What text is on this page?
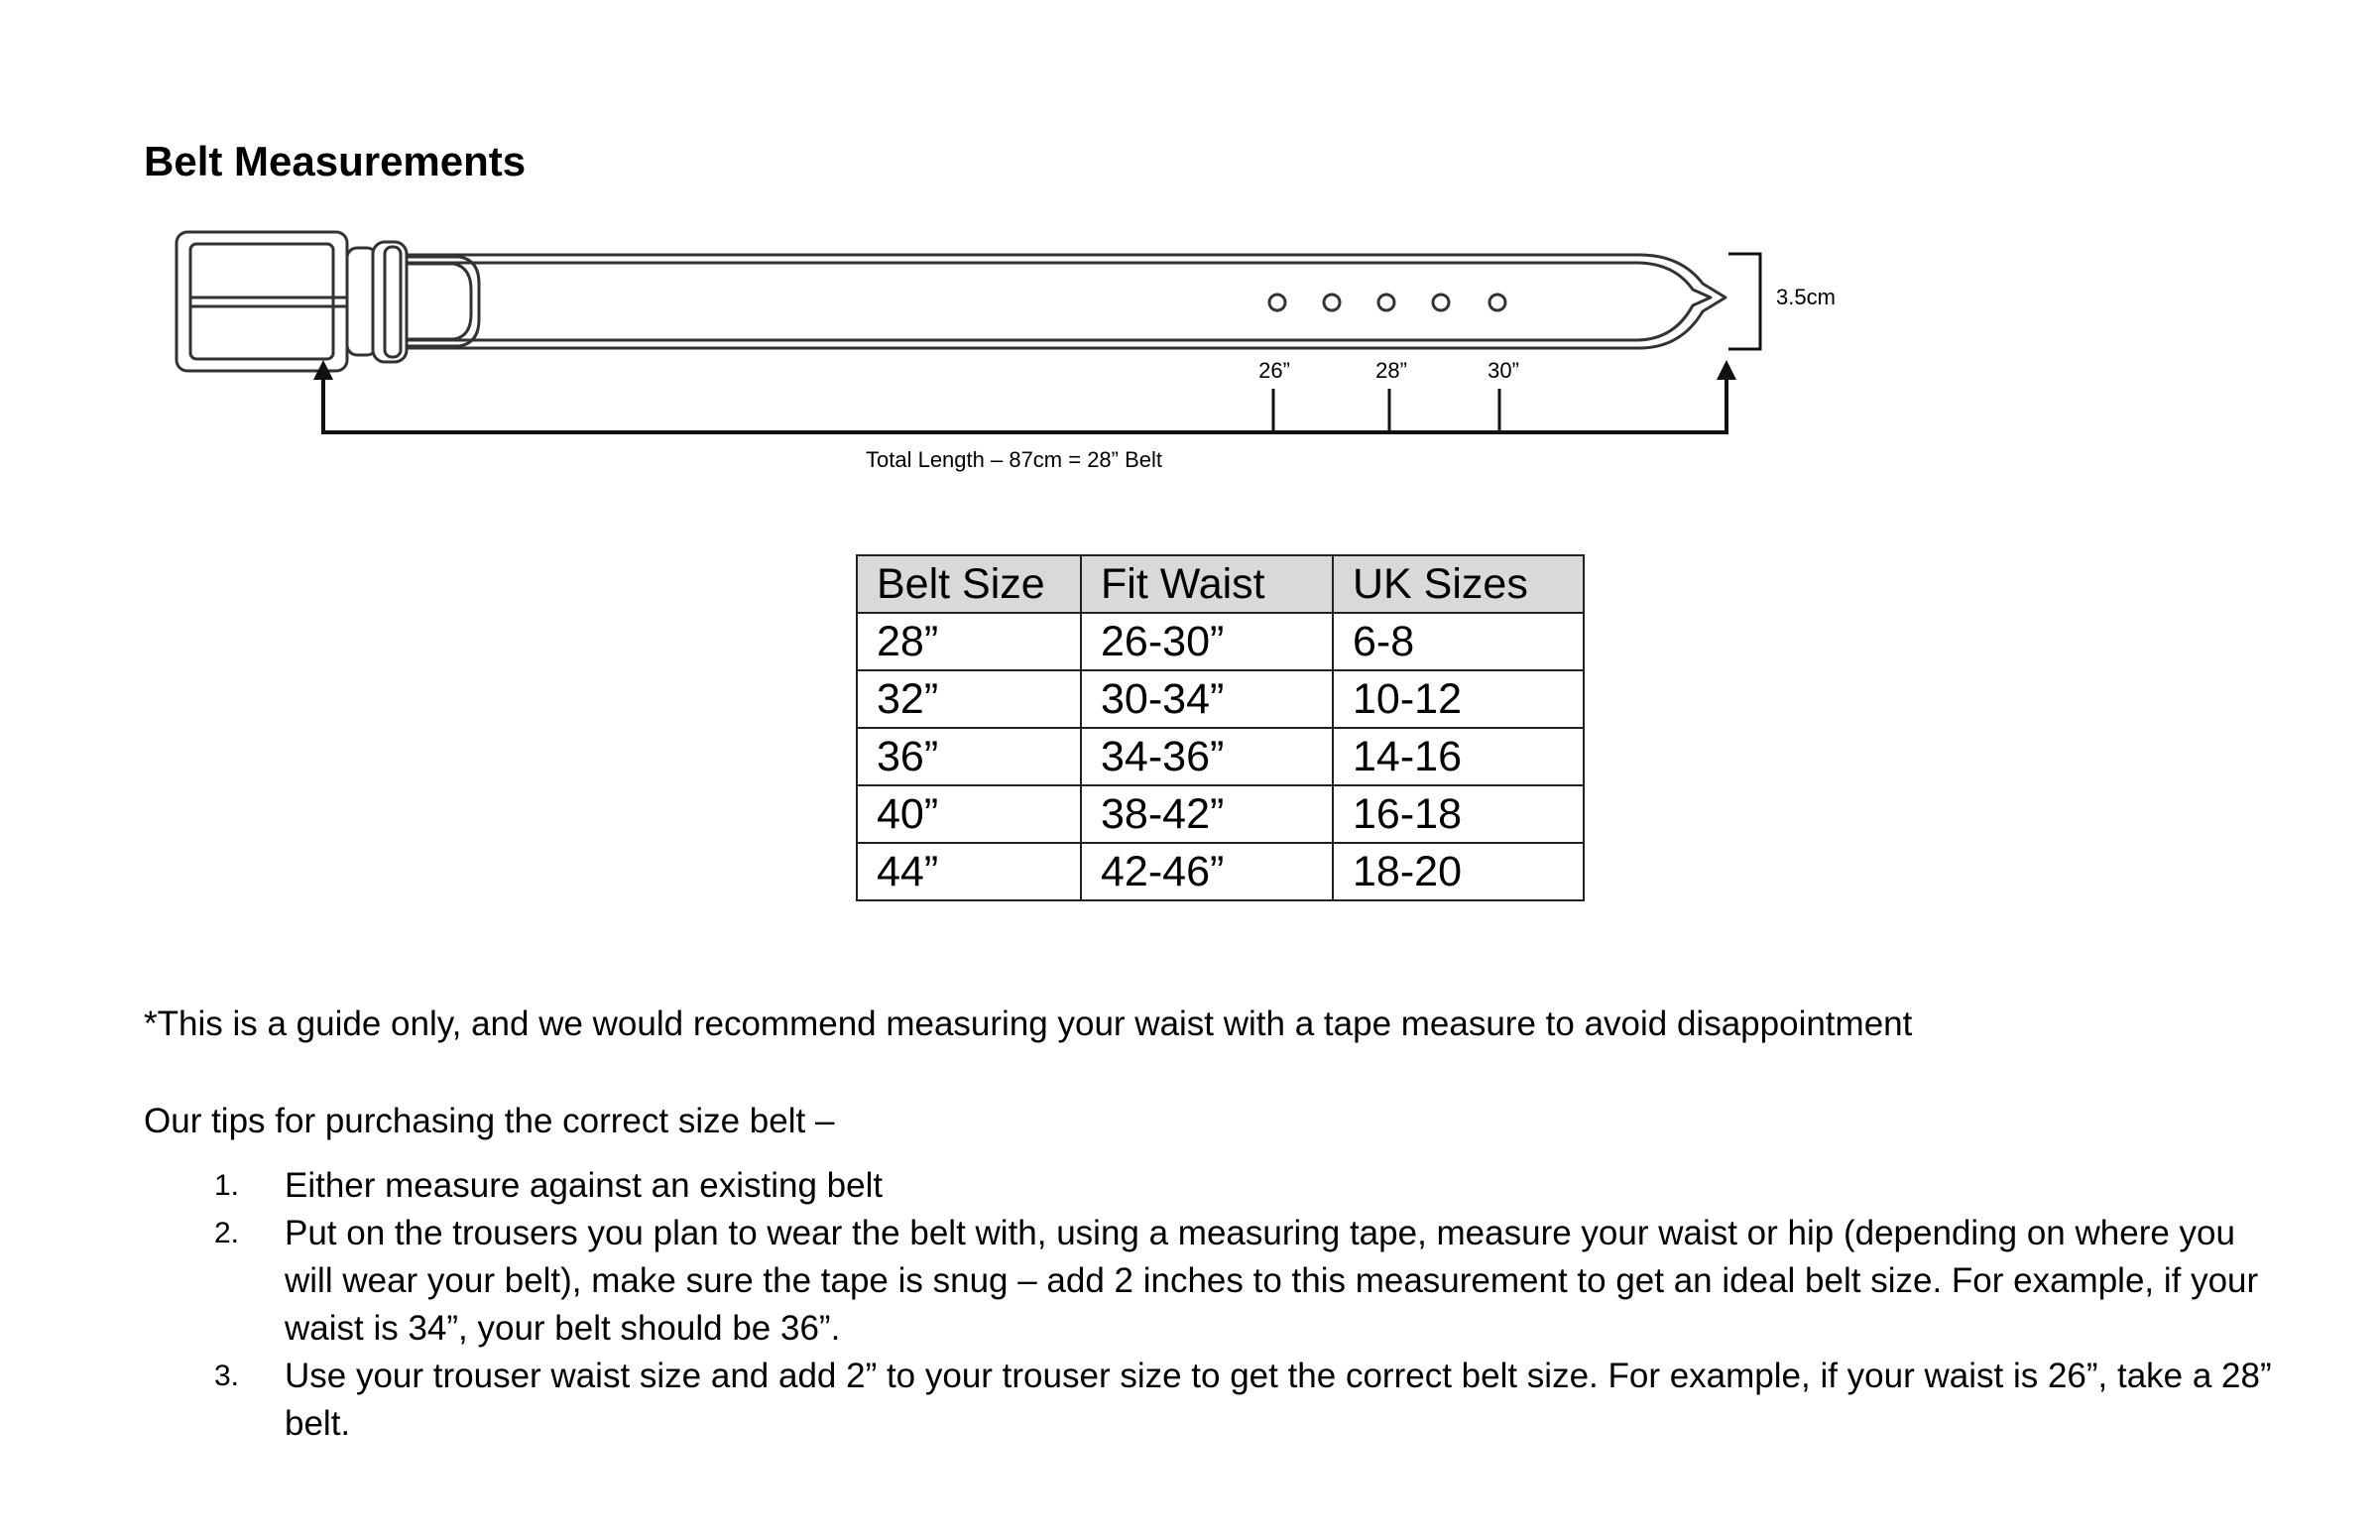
Belt Measurements
3.5cm
26”	28”	30”
Total Length – 87cm = 28” Belt
Belt Size	Fit Waist	UK Sizes
28”	26-30”	6-8
32”	30-34”	10-12
36”	34-36”	14-16
40”	38-42”	16-18
44”	42-46”	18-20

*This is a guide only, and we would recommend measuring your waist with a tape measure to avoid disappointment

Our tips for purchasing the correct size belt –

1. Either measure against an existing belt
2. Put on the trousers you plan to wear the belt with, using a measuring tape, measure your waist or hip (depending on where you will wear your belt), make sure the tape is snug – add 2 inches to this measurement to get an ideal belt size. For example, if your waist is 34”, your belt should be 36”.
3. Use your trouser waist size and add 2” to your trouser size to get the correct belt size. For example, if your waist is 26”, take a 28” belt.
